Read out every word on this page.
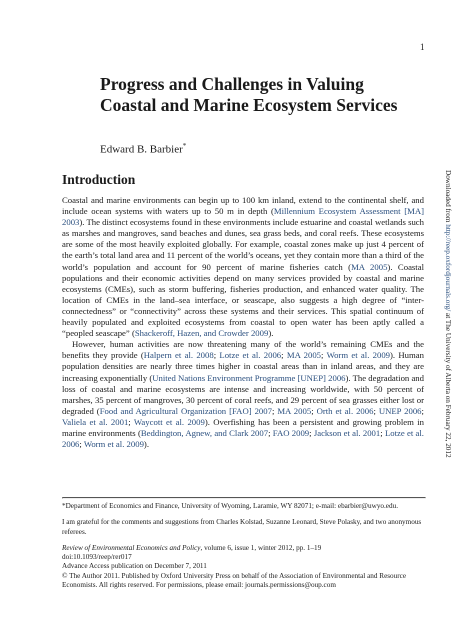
1
Progress and Challenges in Valuing Coastal and Marine Ecosystem Services
Edward B. Barbier*
Introduction

Coastal and marine environments can begin up to 100 km inland, extend to the continental shelf, and include ocean systems with waters up to 50 m in depth (Millennium Ecosystem Assessment [MA] 2003). The distinct ecosystems found in these environments include estuarine and coastal wetlands such as marshes and mangroves, sand beaches and dunes, sea grass beds, and coral reefs. These ecosystems are some of the most heavily exploited globally. For example, coastal zones make up just 4 percent of the earth’s total land area and 11 percent of the world’s oceans, yet they contain more than a third of the world’s population and account for 90 percent of marine fisheries catch (MA 2005). Coastal populations and their economic activities depend on many services provided by coastal and marine ecosystems (CMEs), such as storm buffering, fisheries production, and enhanced water quality. The location of CMEs in the land–sea interface, or seascape, also suggests a high degree of “inter-connectedness” or “connectivity” across these systems and their services. This spatial continuum of heavily populated and exploited ecosystems from coastal to open water has been aptly called a “peopled seascape” (Shackeroff, Hazen, and Crowder 2009).

However, human activities are now threatening many of the world’s remaining CMEs and the benefits they provide (Halpern et al. 2008; Lotze et al. 2006; MA 2005; Worm et al. 2009). Human population densities are nearly three times higher in coastal areas than in inland areas, and they are increasing exponentially (United Nations Environment Programme [UNEP] 2006). The degradation and loss of coastal and marine ecosystems are intense and increasing worldwide, with 50 percent of marshes, 35 percent of mangroves, 30 percent of coral reefs, and 29 percent of sea grasses either lost or degraded (Food and Agricultural Organization [FAO] 2007; MA 2005; Orth et al. 2006; UNEP 2006; Valiela et al. 2001; Waycott et al. 2009). Overfishing has been a persistent and growing problem in marine environments (Beddington, Agnew, and Clark 2007; FAO 2009; Jackson et al. 2001; Lotze et al. 2006; Worm et al. 2009).

*Department of Economics and Finance, University of Wyoming, Laramie, WY 82071; e-mail: ebarbier@uwyo.edu.

I am grateful for the comments and suggestions from Charles Kolstad, Suzanne Leonard, Steve Polasky, and two anonymous referees.

Review of Environmental Economics and Policy, volume 6, issue 1, winter 2012, pp. 1–19

doi:10.1093/reep/rer017

Advance Access publication on December 7, 2011

© The Author 2011. Published by Oxford University Press on behalf of the Association of Environmental and Resource Economists. All rights reserved. For permissions, please email: journals.permissions@oup.com

Downloaded from http://reep.oxfordjournals.org/ at The University of Alberta on February 22, 2012
